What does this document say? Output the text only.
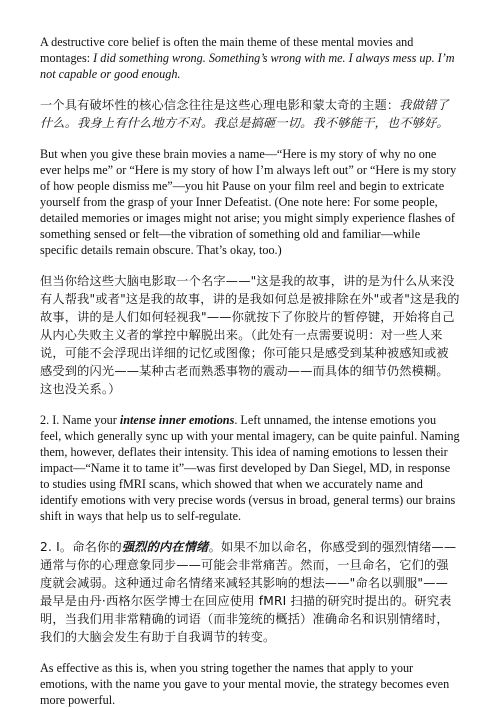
A destructive core belief is often the main theme of these mental movies and montages: I did something wrong. Something’s wrong with me. I always mess up. I’m not capable or good enough.

一个具有破坏性的核心信念往往是这些心理电影和蒙太奇的主题：我做错了什么。我身上有什么地方不对。我总是搞砸一切。我不够能干，也不够好。

But when you give these brain movies a name—“Here is my story of why no one ever helps me” or “Here is my story of how I’m always left out” or “Here is my story of how people dismiss me”—you hit Pause on your film reel and begin to extricate yourself from the grasp of your Inner Defeatist. (One note here: For some people, detailed memories or images might not arise; you might simply experience flashes of something sensed or felt—the vibration of something old and familiar—while specific details remain obscure. That’s okay, too.)

但当你给这些大脑电影取一个名字——"这是我的故事，讲的是为什么从来没有人帮我"或者"这是我的故事，讲的是我如何总是被排除在外"或者"这是我的故事，讲的是人们如何轻视我"——你就按下了你胶片的暂停键，开始将自己从内心失败主义者的掌控中解脱出来。（此处有一点需要说明：对一些人来说，可能不会浮现出详细的记忆或图像；你可能只是感受到某种被感知或被感受到的闪光——某种古老而熟悉事物的震动——而具体的细节仍然模糊。这也没关系。）

2. I. Name your intense inner emotions. Left unnamed, the intense emotions you feel, which generally sync up with your mental imagery, can be quite painful. Naming them, however, deflates their intensity. This idea of naming emotions to lessen their impact—“Name it to tame it”—was first developed by Dan Siegel, MD, in response to studies using fMRI scans, which showed that when we accurately name and identify emotions with very precise words (versus in broad, general terms) our brains shift in ways that help us to self-regulate.

2. I。命名你的强烈的内在情绪。如果不加以命名，你感受到的强烈情绪——通常与你的心理意象同步——可能会非常痛苦。然而，一旦命名，它们的强度就会减弱。这种通过命名情绪来减轻其影响的想法——"命名以驯服"——最早是由丹·西格尔医学博士在回应使用 fMRI 扫描的研究时提出的。研究表明，当我们用非常精确的词语（而非笼统的概括）准确命名和识别情绪时，我们的大脑会发生有助于自我调节的转变。

As effective as this is, when you string together the names that apply to your emotions, with the name you gave to your mental movie, the strategy becomes even more powerful.
